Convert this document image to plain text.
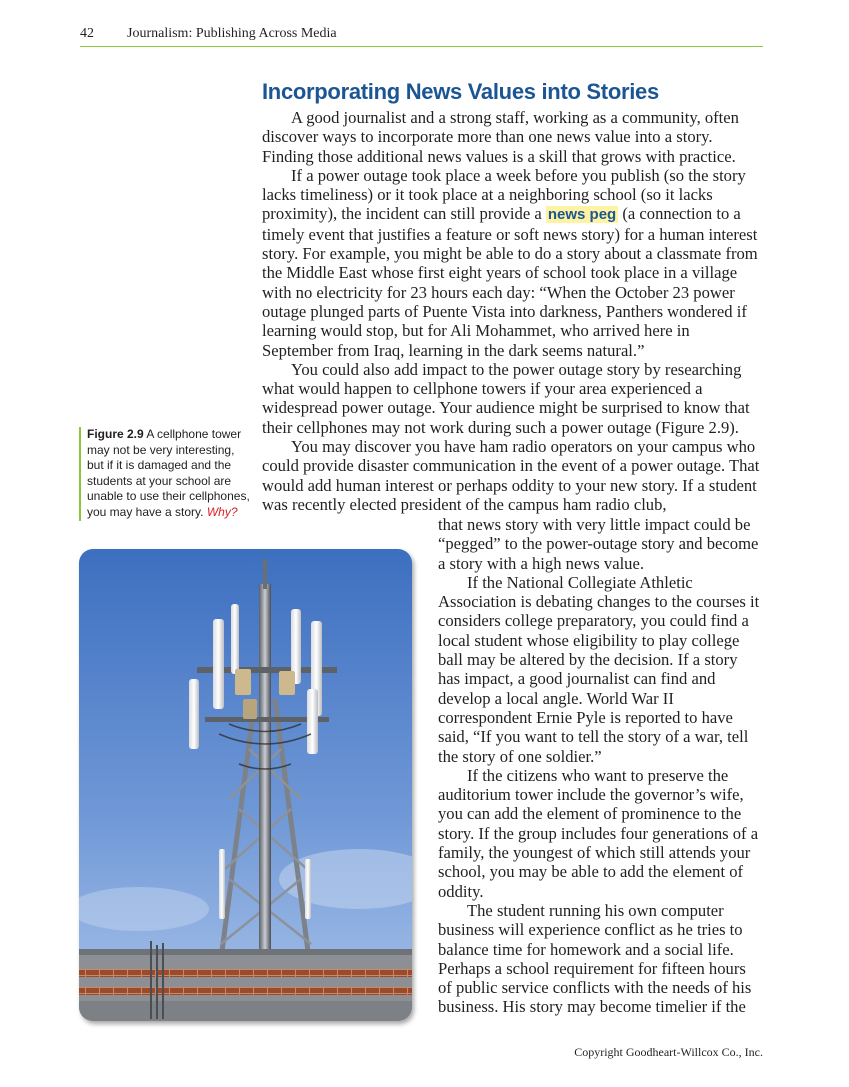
42 Journalism: Publishing Across Media
Incorporating News Values into Stories

A good journalist and a strong staff, working as a community, often discover ways to incorporate more than one news value into a story. Finding those additional news values is a skill that grows with practice.

If a power outage took place a week before you publish (so the story lacks timeliness) or it took place at a neighboring school (so it lacks proximity), the incident can still provide a news peg (a connection to a timely event that justifies a feature or soft news story) for a human interest story. For example, you might be able to do a story about a classmate from the Middle East whose first eight years of school took place in a village with no electricity for 23 hours each day: “When the October 23 power outage plunged parts of Puente Vista into darkness, Panthers wondered if learning would stop, but for Ali Mohammet, who arrived here in September from Iraq, learning in the dark seems natural.”

You could also add impact to the power outage story by researching what would happen to cellphone towers if your area experienced a widespread power outage. Your audience might be surprised to know that their cellphones may not work during such a power outage (Figure 2.9).

You may discover you have ham radio operators on your campus who could provide disaster communication in the event of a power outage. That would add human interest or perhaps oddity to your new story. If a student was recently elected president of the campus ham radio club,

that news story with very little impact could be “pegged” to the power-outage story and become a story with a high news value.

If the National Collegiate Athletic Association is debating changes to the courses it considers college preparatory, you could find a local student whose eligibility to play college ball may be altered by the decision. If a story has impact, a good journalist can find and develop a local angle. World War II correspondent Ernie Pyle is reported to have said, “If you want to tell the story of a war, tell the story of one soldier.”

If the citizens who want to preserve the auditorium tower include the governor’s wife, you can add the element of prominence to the story. If the group includes four generations of a family, the youngest of which still attends your school, you may be able to add the element of oddity.

The student running his own computer business will experience conflict as he tries to balance time for homework and a social life. Perhaps a school requirement for fifteen hours of public service conflicts with the needs of his business. His story may become timelier if the

Figure 2.9 A cellphone tower may not be very interesting, but if it is damaged and the students at your school are unable to use their cellphones, you may have a story. Why?
Copyright Goodheart-Willcox Co., Inc.
